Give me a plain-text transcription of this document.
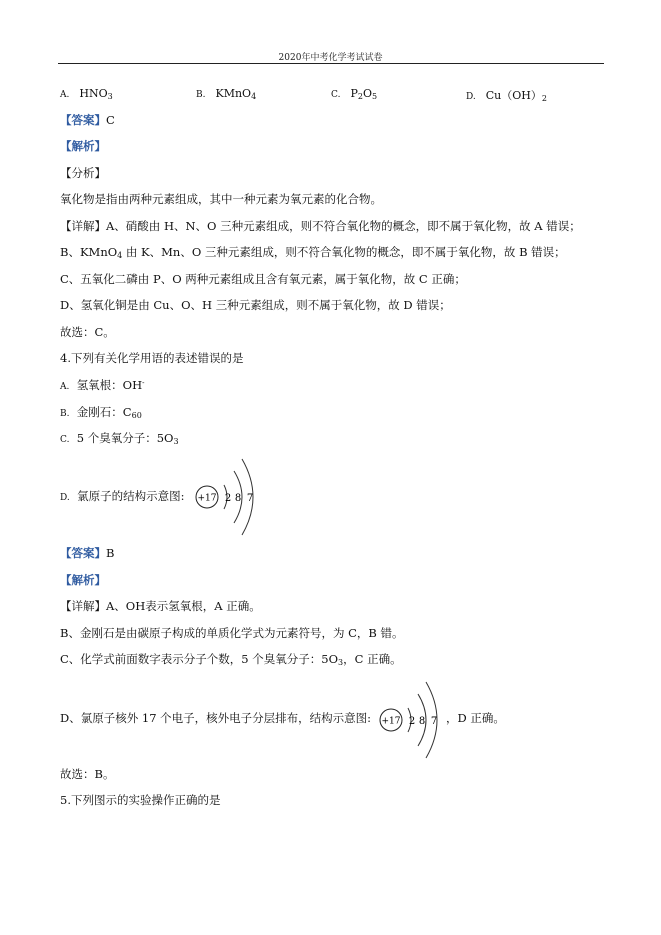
2020年中考化学考试试卷
A. $HNO_3$	B. KMnO$_4$	C. $P_2O_5$	D. $Cu(OH)_2$
【答案】C
【解析】
【分析】
氧化物是指由两种元素组成，其中一种元素为氧元素的化合物。
【详解】A、硝酸由 H、N、O 三种元素组成，则不符合氧化物的概念，即不属于氧化物，故 A 错误；
B、KMnO$_4$ 由 K、Mn、O 三种元素组成，则不符合氧化物的概念，即不属于氧化物，故 B 错误；
C、五氧化二磷由 P、O 两种元素组成且含有氧元素，属于氧化物，故 C 正确；
D、氢氧化铜是由 Cu、O、H 三种元素组成，则不属于氧化物，故 D 错误；
故选：C。
4.下列有关化学用语的表述错误的是
A. 氢氧根：OH-
B. 金刚石：$C_{60}$
C. 5 个臭氧分子：$5O_3$
D. 氯原子的结构示意图: +17 2 8 7
【答案】B
【解析】
【详解】A、OH表示氢氧根，A 正确。
B、金刚石是由碳原子构成的单质化学式为元素符号，为 C，B 错。
C、化学式前面数字表示分子个数，5 个臭氧分子：$5O_3$，C 正确。
D、氯原子核外 17 个电子，核外电子分层排布，结构示意图: +17 2 8 7 ，D 正确。
故选：B。
5.下列图示的实验操作正确的是
